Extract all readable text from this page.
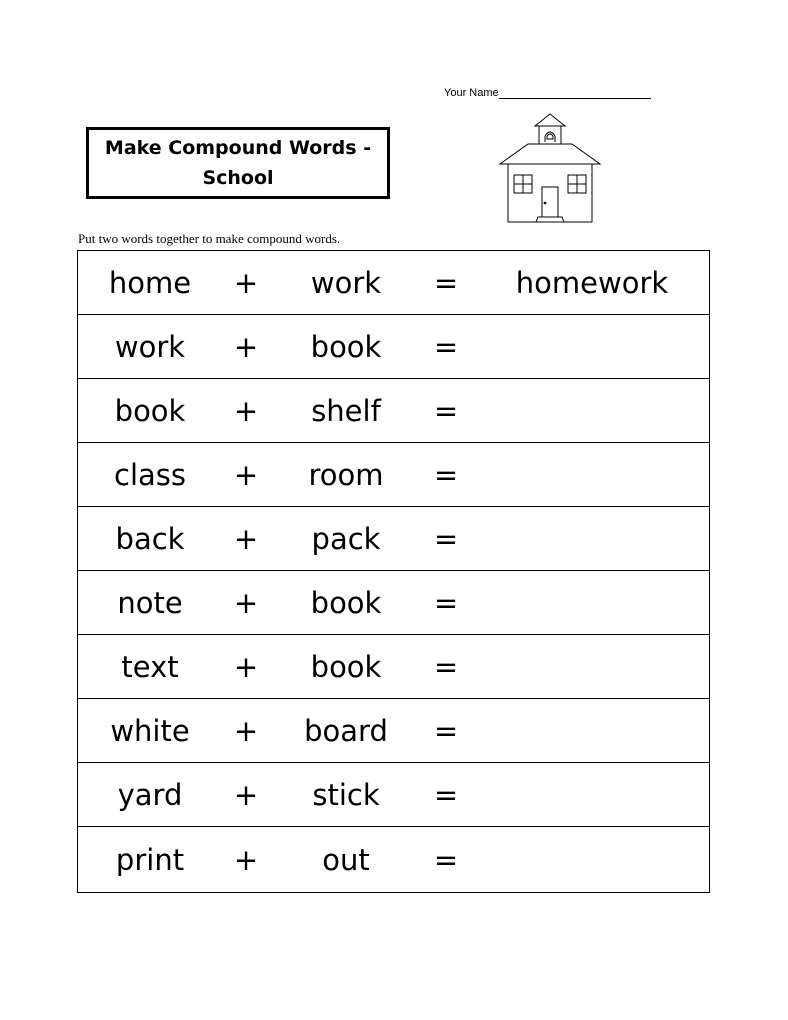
Your Name
Make Compound Words -
School
Put two words together to make compound words.
home + work = homework
work + book =
book + shelf =
class + room =
back + pack =
note + book =
text + book =
white + board =
yard + stick =
print + out =
